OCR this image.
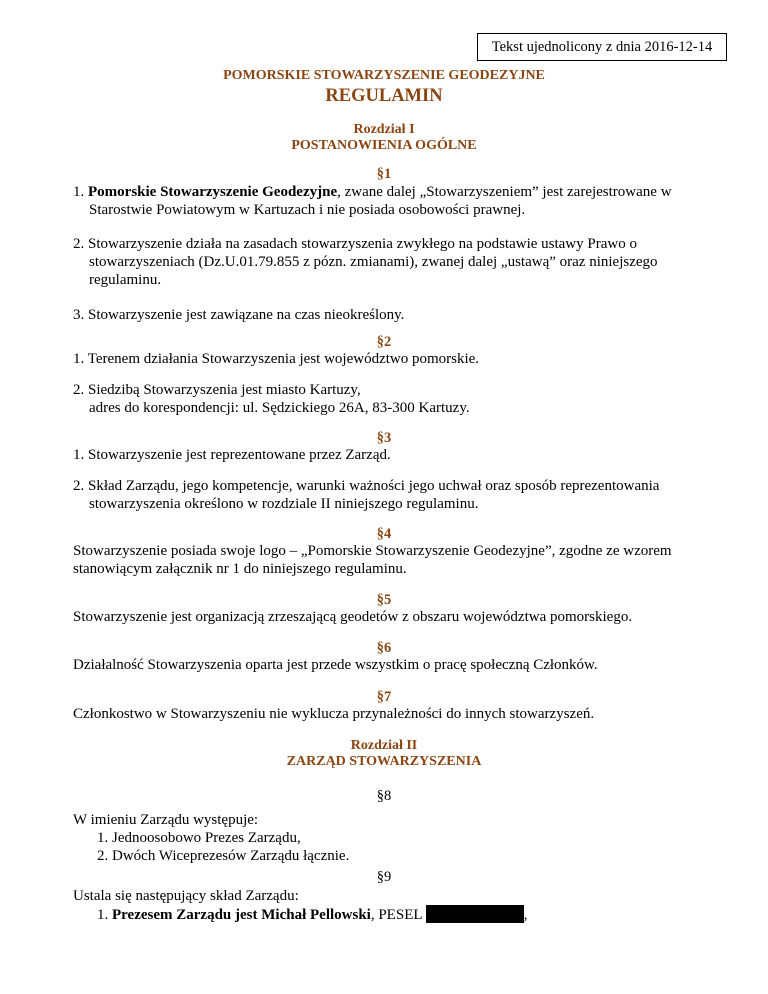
Tekst ujednolicony z dnia 2016-12-14
POMORSKIE STOWARZYSZENIE GEODEZYJNE
REGULAMIN
Rozdział I
POSTANOWIENIA OGÓLNE
§1
1. Pomorskie Stowarzyszenie Geodezyjne, zwane dalej „Stowarzyszeniem” jest zarejestrowane w
Starostwie Powiatowym w Kartuzach i nie posiada osobowości prawnej.
2. Stowarzyszenie działa na zasadach stowarzyszenia zwykłego na podstawie ustawy Prawo o
stowarzyszeniach (Dz.U.01.79.855 z pózn. zmianami), zwanej dalej „ustawą” oraz niniejszego
regulaminu.
3. Stowarzyszenie jest zawiązane na czas nieokreślony.
§2
1. Terenem działania Stowarzyszenia jest województwo pomorskie.
2. Siedzibą Stowarzyszenia jest miasto Kartuzy,
adres do korespondencji: ul. Sędzickiego 26A, 83-300 Kartuzy.
§3
1. Stowarzyszenie jest reprezentowane przez Zarząd.
2. Skład Zarządu, jego kompetencje, warunki ważności jego uchwał oraz sposób reprezentowania
stowarzyszenia określono w rozdziale II niniejszego regulaminu.
§4
Stowarzyszenie posiada swoje logo – „Pomorskie Stowarzyszenie Geodezyjne”, zgodne ze wzorem
stanowiącym załącznik nr 1 do niniejszego regulaminu.
§5
Stowarzyszenie jest organizacją zrzeszającą geodetów z obszaru województwa pomorskiego.
§6
Działalność Stowarzyszenia oparta jest przede wszystkim o pracę społeczną Członków.
§7
Członkostwo w Stowarzyszeniu nie wyklucza przynależności do innych stowarzyszeń.
Rozdział II
ZARZĄD STOWARZYSZENIA
§8
W imieniu Zarządu występuje:
1. Jednoosobowo Prezes Zarządu,
2. Dwóch Wiceprezesów Zarządu łącznie.
§9
Ustala się następujący skład Zarządu:
1. Prezesem Zarządu jest Michał Pellowski, PESEL	,
